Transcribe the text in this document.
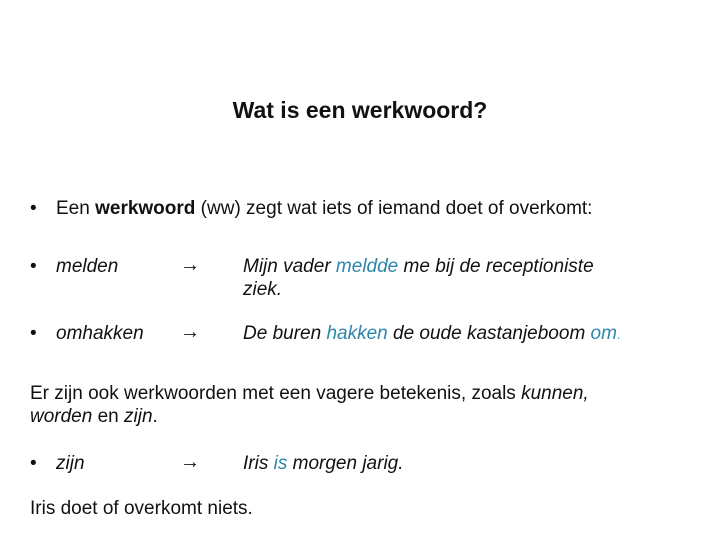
Wat is een werkwoord?
• Een werkwoord (ww) zegt wat iets of iemand doet of overkomt:
• melden	→ Mijn vader meldde me bij de receptioniste
ziek.
• omhakken → De buren hakken de oude kastanjeboom om.
Er zijn ook werkwoorden met een vagere betekenis, zoals kunnen,
worden en zijn.
• zijn	→ Iris is morgen jarig.
Iris doet of overkomt niets.
